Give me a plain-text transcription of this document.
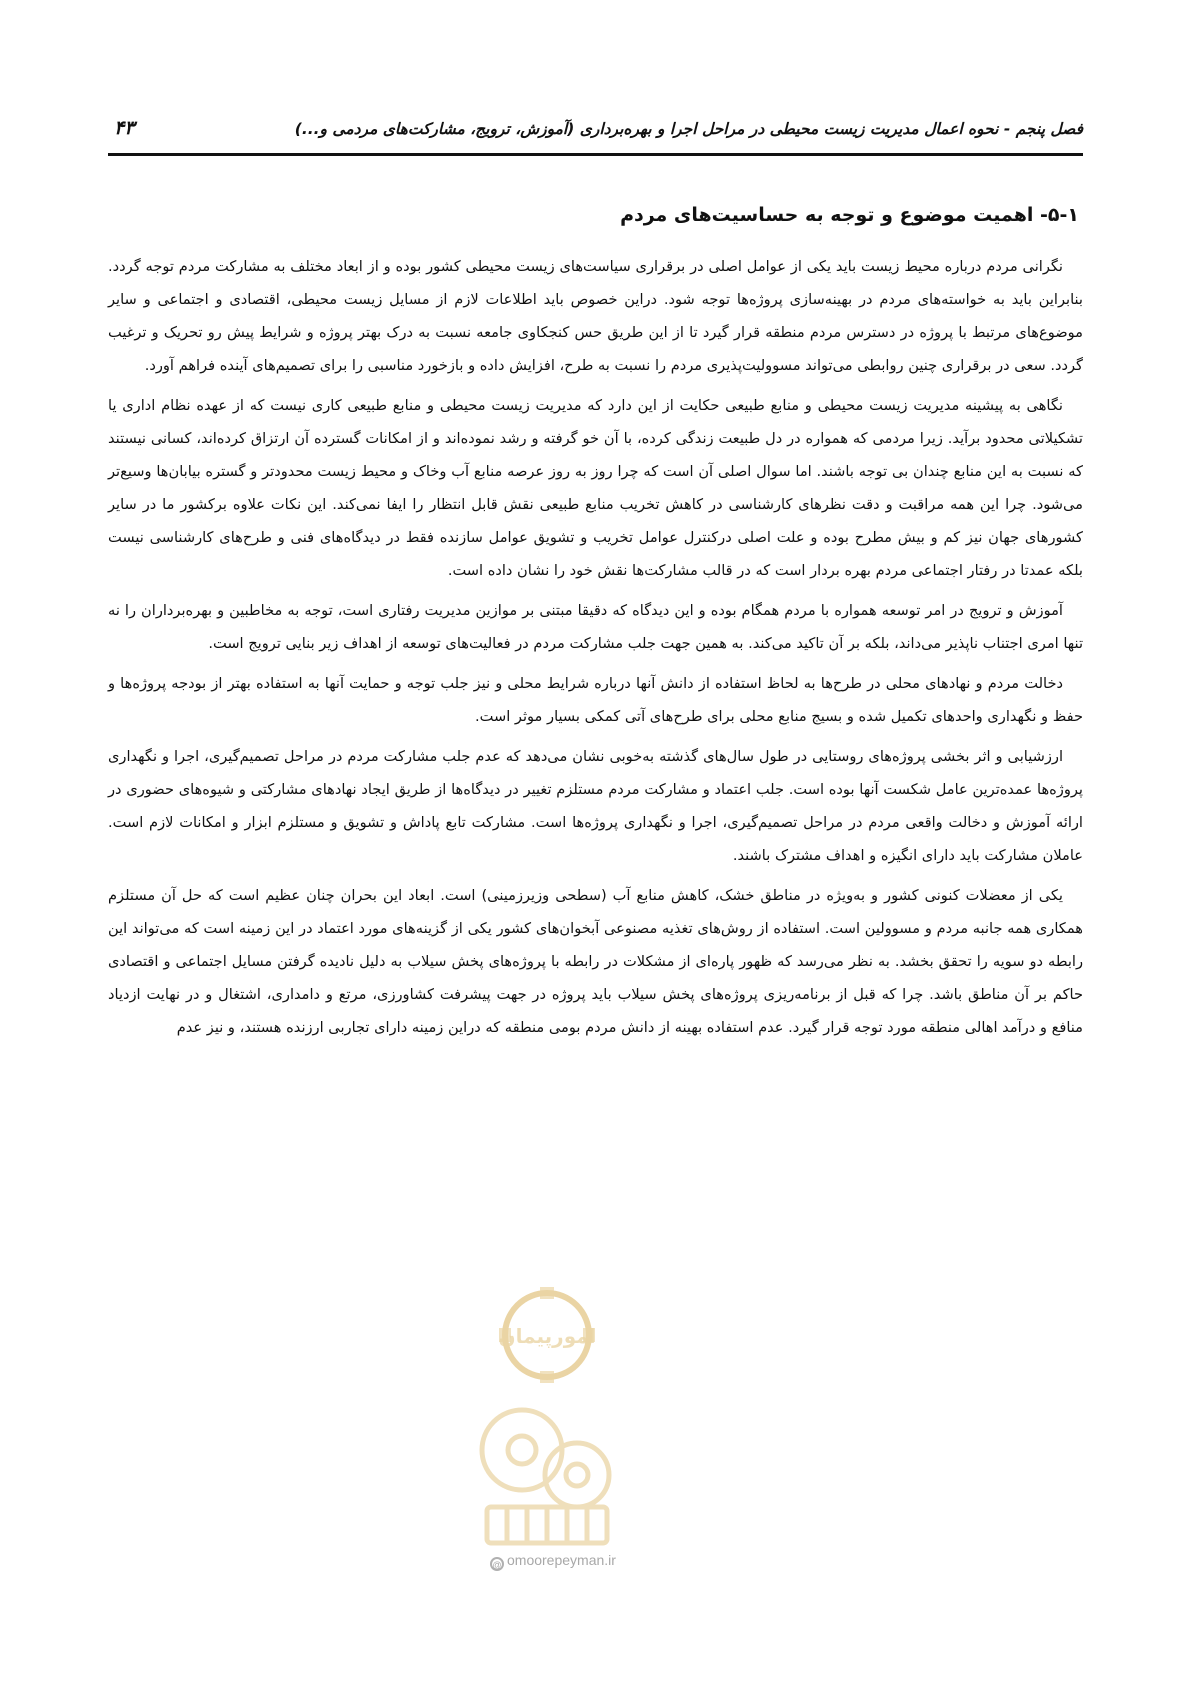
فصل پنجم - نحوه اعمال مدیریت زیست محیطی در مراحل اجرا و بهره‌برداری (آموزش، ترویج، مشارکت‌های مردمی و...)
۴۳
۵-۱- اهمیت موضوع و توجه به حساسیت‌های مردم

نگرانی مردم درباره محیط زیست باید یکی از عوامل اصلی در برقراری سیاست‌های زیست محیطی کشور بوده و از ابعاد مختلف به مشارکت مردم توجه گردد. بنابراین باید به خواسته‌های مردم در بهینه‌سازی پروژه‌ها توجه شود. دراین خصوص باید اطلاعات لازم از مسایل زیست محیطی، اقتصادی و اجتماعی و سایر موضوع‌های مرتبط با پروژه در دسترس مردم منطقه قرار گیرد تا از این طریق حس کنجکاوی جامعه نسبت به درک بهتر پروژه و شرایط پیش رو تحریک و ترغیب گردد. سعی در برقراری چنین روابطی می‌تواند مسوولیت‌پذیری مردم را نسبت به طرح، افزایش داده و بازخورد مناسبی را برای تصمیم‌های آینده فراهم آورد.

نگاهی به پیشینه مدیریت زیست محیطی و منابع طبیعی حکایت از این دارد که مدیریت زیست محیطی و منابع طبیعی کاری نیست که از عهده نظام اداری یا تشکیلاتی محدود برآید. زیرا مردمی که همواره در دل طبیعت زندگی کرده، با آن خو گرفته و رشد نموده‌اند و از امکانات گسترده آن ارتزاق کرده‌اند، کسانی نیستند که نسبت به این منابع چندان بی توجه باشند. اما سوال اصلی آن است که چرا روز به روز عرصه منابع آب وخاک و محیط زیست محدودتر و گستره بیابان‌ها وسیع‌تر می‌شود. چرا این همه مراقبت و دقت نظرهای کارشناسی در کاهش تخریب منابع طبیعی نقش قابل انتظار را ایفا نمی‌کند. این نکات علاوه برکشور ما در سایر کشورهای جهان نیز کم و بیش مطرح بوده و علت اصلی درکنترل عوامل تخریب و تشویق عوامل سازنده فقط در دیدگاه‌های فنی و طرح‌های کارشناسی نیست بلکه عمدتا در رفتار اجتماعی مردم بهره بردار است که در قالب مشارکت‌ها نقش خود را نشان داده است.

آموزش و ترویج در امر توسعه همواره با مردم همگام بوده و این دیدگاه که دقیقا مبتنی بر موازین مدیریت رفتاری است، توجه به مخاطبین و بهره‌برداران را نه تنها امری اجتناب ناپذیر می‌داند، بلکه بر آن تاکید می‌کند. به همین جهت جلب مشارکت مردم در فعالیت‌های توسعه از اهداف زیر بنایی ترویج است.

دخالت مردم و نهادهای محلی در طرح‌ها به لحاظ استفاده از دانش آنها درباره شرایط محلی و نیز جلب توجه و حمایت آنها به استفاده بهتر از بودجه پروژه‌ها و حفظ و نگهداری واحدهای تکمیل شده و بسیج منابع محلی برای طرح‌های آتی کمکی بسیار موثر است.

ارزشیابی و اثر بخشی پروژه‌های روستایی در طول سال‌های گذشته به‌خوبی نشان می‌دهد که عدم جلب مشارکت مردم در مراحل تصمیم‌گیری، اجرا و نگهداری پروژه‌ها عمده‌ترین عامل شکست آنها بوده است. جلب اعتماد و مشارکت مردم مستلزم تغییر در دیدگاه‌ها از طریق ایجاد نهادهای مشارکتی و شیوه‌های حضوری در ارائه آموزش و دخالت واقعی مردم در مراحل تصمیم‌گیری، اجرا و نگهداری پروژه‌ها است. مشارکت تابع پاداش و تشویق و مستلزم ابزار و امکانات لازم است. عاملان مشارکت باید دارای انگیزه و اهداف مشترک باشند.

یکی از معضلات کنونی کشور و به‌ویژه در مناطق خشک، کاهش منابع آب (سطحی وزیرزمینی) است. ابعاد این بحران چنان عظیم است که حل آن مستلزم همکاری همه جانبه مردم و مسوولین است. استفاده از روش‌های تغذیه مصنوعی آبخوان‌های کشور یکی از گزینه‌های مورد اعتماد در این زمینه است که می‌تواند این رابطه دو سویه را تحقق بخشد. به نظر می‌رسد که ظهور پاره‌ای از مشکلات در رابطه با پروژه‌های پخش سیلاب به دلیل نادیده گرفتن مسایل اجتماعی و اقتصادی حاکم بر آن مناطق باشد. چرا که قبل از برنامه‌ریزی پروژه‌های پخش سیلاب باید پروژه در جهت پیشرفت کشاورزی، مرتع و دامداری، اشتغال و در نهایت ازدیاد منافع و درآمد اهالی منطقه مورد توجه قرار گیرد. عدم استفاده بهینه از دانش مردم بومی منطقه که دراین زمینه دارای تجاربی ارزنده هستند، و نیز عدم

امورپیمان
@ omoorepeyman.ir
